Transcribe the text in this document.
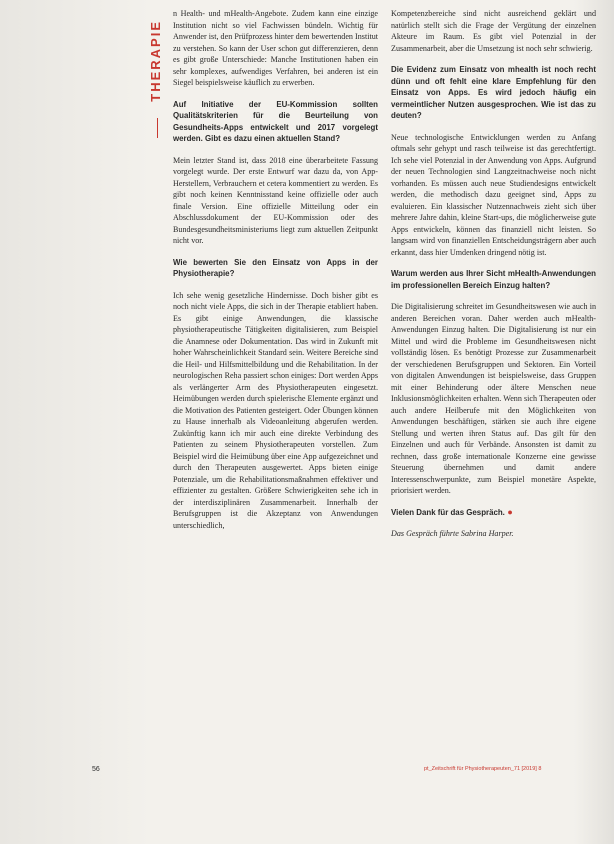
THERAPIE

n Health- und mHealth-Angebote. Zudem kann eine einzige Institution nicht so viel Fachwissen bündeln. Wichtig für Anwender ist, den Prüfprozess hinter dem bewertenden Institut zu verstehen. So kann der User schon gut differenzieren, denn es gibt große Unterschiede: Manche Institutionen haben ein sehr komplexes, aufwendiges Verfahren, bei anderen ist ein Siegel beispielsweise käuflich zu erwerben.

Auf Initiative der EU-Kommission sollten Qualitätskriterien für die Beurteilung von Gesundheits-Apps entwickelt und 2017 vorgelegt werden. Gibt es dazu einen aktuellen Stand?

Mein letzter Stand ist, dass 2018 eine überarbeitete Fassung vorgelegt wurde. Der erste Entwurf war dazu da, von App-Herstellern, Verbrauchern et cetera kommentiert zu werden. Es gibt noch keinen Kenntnisstand keine offizielle oder auch finale Version. Eine offizielle Mitteilung oder ein Abschlussdokument der EU-Kommission oder des Bundesgesundheitsministeriums liegt zum aktuellen Zeitpunkt nicht vor.

Wie bewerten Sie den Einsatz von Apps in der Physiotherapie?

Ich sehe wenig gesetzliche Hindernisse. Doch bisher gibt es noch nicht viele Apps, die sich in der Therapie etabliert haben. Es gibt einige Anwendungen, die klassische physiotherapeutische Tätigkeiten digitalisieren, zum Beispiel die Anamnese oder Dokumentation. Das wird in Zukunft mit hoher Wahrscheinlichkeit Standard sein. Weitere Bereiche sind die Heil- und Hilfsmittelbildung und die Rehabilitation. In der neurologischen Reha passiert schon einiges: Dort werden Apps als verlängerter Arm des Physiotherapeuten eingesetzt. Heimübungen werden durch spielerische Elemente ergänzt und die Motivation des Patienten gesteigert. Oder Übungen können zu Hause innerhalb als Videoanleitung abgerufen werden. Zukünftig kann ich mir auch eine direkte Verbindung des Patienten zu seinem Physiotherapeuten vorstellen. Zum Beispiel wird die Heimübung über eine App aufgezeichnet und durch den Therapeuten ausgewertet. Apps bieten einige Potenziale, um die Rehabilitationsmaßnahmen effektiver und effizienter zu gestalten. Größere Schwierigkeiten sehe ich in der interdisziplinären Zusammenarbeit. Innerhalb der Berufsgruppen ist die Akzeptanz von Anwendungen unterschiedlich,

Kompetenzbereiche sind nicht ausreichend geklärt und natürlich stellt sich die Frage der Vergütung der einzelnen Akteure im Raum. Es gibt viel Potenzial in der Zusammenarbeit, aber die Umsetzung ist noch sehr schwierig.

Die Evidenz zum Einsatz von mhealth ist noch recht dünn und oft fehlt eine klare Empfehlung für den Einsatz von Apps. Es wird jedoch häufig ein vermeintlicher Nutzen ausgesprochen. Wie ist das zu deuten?

Neue technologische Entwicklungen werden zu Anfang oftmals sehr gehypt und rasch teilweise ist das gerechtfertigt. Ich sehe viel Potenzial in der Anwendung von Apps. Aufgrund der neuen Technologien sind Langzeitnachweise noch nicht vorhanden. Es müssen auch neue Studiendesigns entwickelt werden, die methodisch dazu geeignet sind, Apps zu evaluieren. Ein klassischer Nutzennachweis zieht sich über mehrere Jahre dahin, kleine Start-ups, die möglicherweise gute Apps entwickeln, können das finanziell nicht leisten. So langsam wird von finanziellen Entscheidungsträgern aber auch erkannt, dass hier Umdenken dringend nötig ist.

Warum werden aus Ihrer Sicht mHealth-Anwendungen im professionellen Bereich Einzug halten?

Die Digitalisierung schreitet im Gesundheitswesen wie auch in anderen Bereichen voran. Daher werden auch mHealth-Anwendungen Einzug halten. Die Digitalisierung ist nur ein Mittel und wird die Probleme im Gesundheitswesen nicht vollständig lösen. Es benötigt Prozesse zur Zusammenarbeit der verschiedenen Berufsgruppen und Sektoren. Ein Vorteil von digitalen Anwendungen ist beispielsweise, dass Gruppen mit einer Behinderung oder ältere Menschen neue Inklusionsmöglichkeiten erhalten. Wenn sich Therapeuten oder auch andere Heilberufe mit den Möglichkeiten von Anwendungen beschäftigen, stärken sie auch ihre eigene Stellung und werten ihren Status auf. Das gilt für den Einzelnen und auch für Verbände. Ansonsten ist damit zu rechnen, dass große internationale Konzerne eine gewisse Steuerung übernehmen und damit andere Interessenschwerpunkte, zum Beispiel monetäre Aspekte, priorisiert werden.

Vielen Dank für das Gespräch. ●

Das Gespräch führte Sabrina Harper.

56	pt_Zeitschrift für Physiotherapeuten_71 [2019] 8
